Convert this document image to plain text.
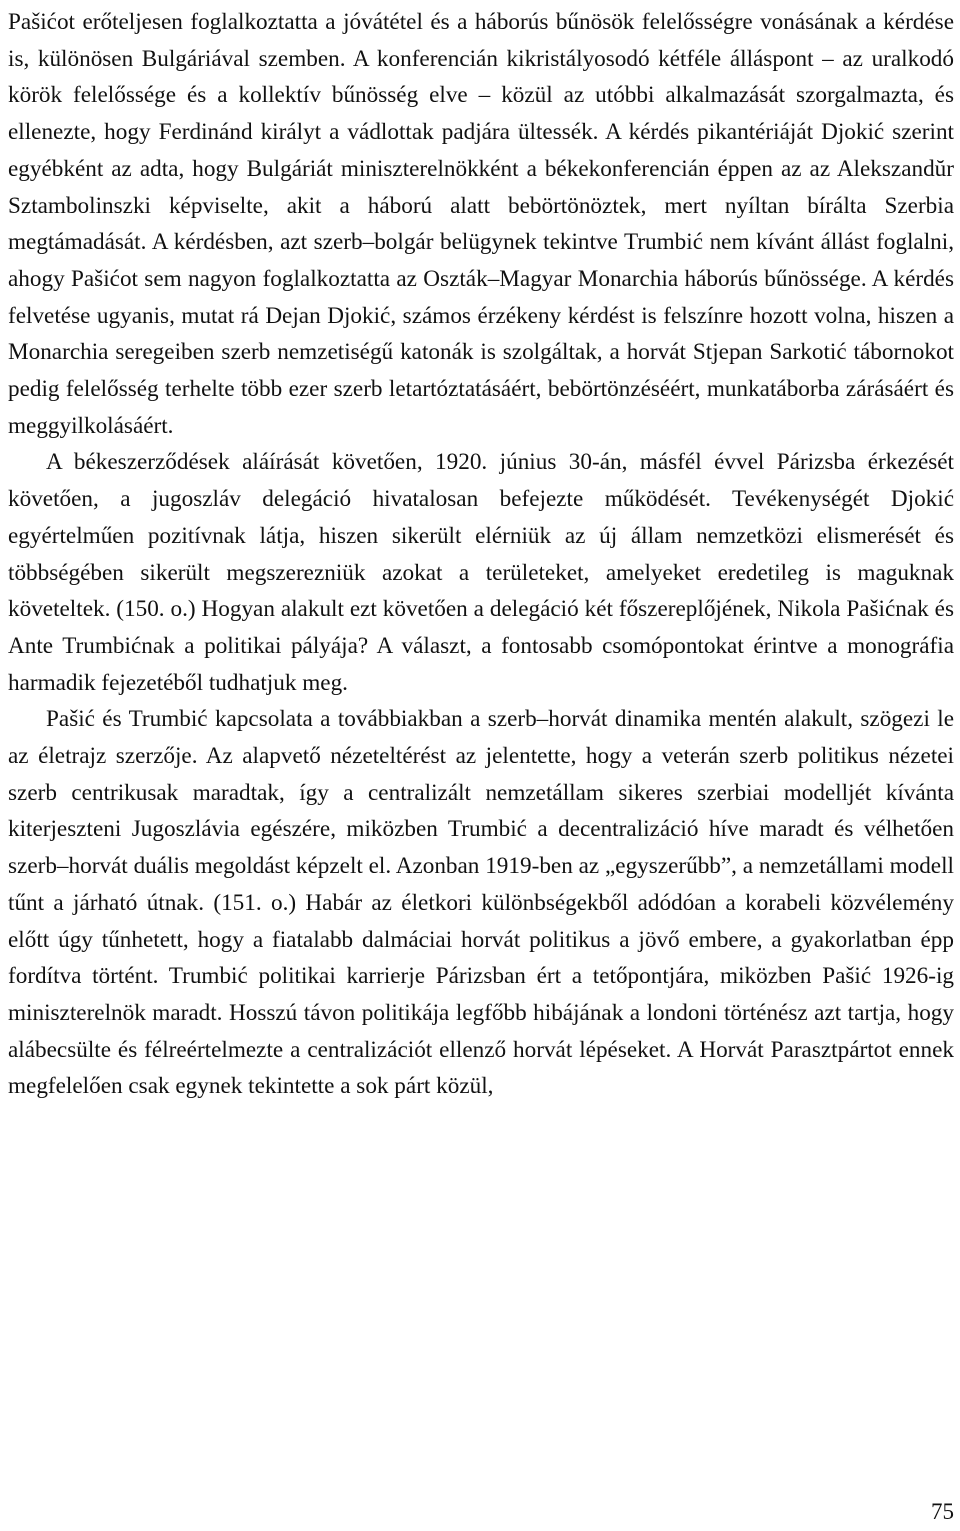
Pašićot erőteljesen foglalkoztatta a jóvátétel és a háborús bűnösök felelősségre vonásának a kérdése is, különösen Bulgáriával szemben. A konferencián kikristályosodó kétféle álláspont – az uralkodó körök felelőssége és a kollektív bűnösség elve – közül az utóbbi alkalmazását szorgalmazta, és ellenezte, hogy Ferdinánd királyt a vádlottak padjára ültessék. A kérdés pikantériáját Djokić szerint egyébként az adta, hogy Bulgáriát miniszterelnökként a békekonferencián éppen az az Alekszandŭr Sztambolinszki képviselte, akit a háború alatt bebörtönöztek, mert nyíltan bírálta Szerbia megtámadását. A kérdésben, azt szerb–bolgár belügynek tekintve Trumbić nem kívánt állást foglalni, ahogy Pašićot sem nagyon foglalkoztatta az Oszták–Magyar Monarchia háborús bűnössége. A kérdés felvetése ugyanis, mutat rá Dejan Djokić, számos érzékeny kérdést is felszínre hozott volna, hiszen a Monarchia seregeiben szerb nemzetiségű katonák is szolgáltak, a horvát Stjepan Sarkotić tábornokot pedig felelősség terhelte több ezer szerb letartóztatásáért, bebörtönzéséért, munkatáborba zárásáért és meggyilkolásáért.

A békeszerződések aláírását követően, 1920. június 30-án, másfél évvel Párizsba érkezését követően, a jugoszláv delegáció hivatalosan befejezte működését. Tevékenységét Djokić egyértelműen pozitívnak látja, hiszen sikerült elérniük az új állam nemzetközi elismerését és többségében sikerült megszerezniük azokat a területeket, amelyeket eredetileg is maguknak követeltek. (150. o.) Hogyan alakult ezt követően a delegáció két főszereplőjének, Nikola Pašićnak és Ante Trumbićnak a politikai pályája? A választ, a fontosabb csomópontokat érintve a monográfia harmadik fejezetéből tudhatjuk meg.

Pašić és Trumbić kapcsolata a továbbiakban a szerb–horvát dinamika mentén alakult, szögezi le az életrajz szerzője. Az alapvető nézeteltérést az jelentette, hogy a veterán szerb politikus nézetei szerb centrikusak maradtak, így a centralizált nemzetállam sikeres szerbiai modelljét kívánta kiterjeszteni Jugoszlávia egészére, miközben Trumbić a decentralizáció híve maradt és vélhetően szerb–horvát duális megoldást képzelt el. Azonban 1919-ben az „egyszerűbb”, a nemzetállami modell tűnt a járható útnak. (151. o.) Habár az életkori különbségekből adódóan a korabeli közvélemény előtt úgy tűnhetett, hogy a fiatalabb dalmáciai horvát politikus a jövő embere, a gyakorlatban épp fordítva történt. Trumbić politikai karrierje Párizsban ért a tetőpontjára, miközben Pašić 1926-ig miniszterelnök maradt. Hosszú távon politikája legfőbb hibájának a londoni történész azt tartja, hogy alábecsülte és félreértelmezte a centralizációt ellenző horvát lépéseket. A Horvát Parasztpártot ennek megfelelően csak egynek tekintette a sok párt közül,

75
